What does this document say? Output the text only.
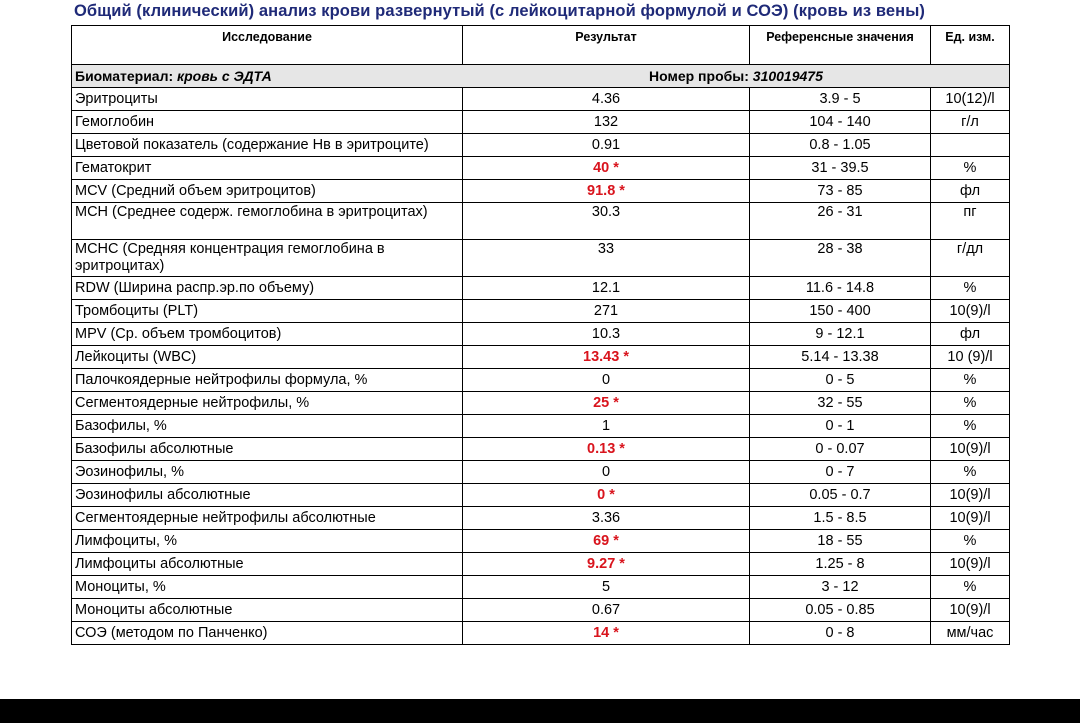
Общий (клинический) анализ крови развернутый (с лейкоцитарной формулой и СОЭ) (кровь из вены)
Исследование	Результат	Референсные значения	Ед. изм.
Биоматериал: кровь с ЭДТА Номер пробы: 310019475			

Эритроциты	4.36	3.9 - 5	10(12)/l
Гемоглобин	132	104 - 140	г/л
Цветовой показатель (содержание Нв в эритроците)	0.91	0.8 - 1.05	
Гематокрит	40 *	31 - 39.5	%
MCV (Средний объем эритроцитов)	91.8 *	73 - 85	фл
MCH (Среднее содерж. гемоглобина в эритроцитах)	30.3	26 - 31	пг
MCHC (Средняя концентрация гемоглобина в эритроцитах)	33	28 - 38	г/дл
RDW (Ширина распр.эр.по объему)	12.1	11.6 - 14.8	%
Тромбоциты (PLT)	271	150 - 400	10(9)/l
MPV (Ср. объем тромбоцитов)	10.3	9 - 12.1	фл
Лейкоциты (WBC)	13.43 *	5.14 - 13.38	10 (9)/l
Палочкоядерные нейтрофилы формула, %	0	0 - 5	%
Сегментоядерные нейтрофилы, %	25 *	32 - 55	%
Базофилы, %	1	0 - 1	%
Базофилы абсолютные	0.13 *	0 - 0.07	10(9)/l
Эозинофилы, %	0	0 - 7	%
Эозинофилы абсолютные	0 *	0.05 - 0.7	10(9)/l
Сегментоядерные нейтрофилы абсолютные	3.36	1.5 - 8.5	10(9)/l
Лимфоциты, %	69 *	18 - 55	%
Лимфоциты абсолютные	9.27 *	1.25 - 8	10(9)/l
Моноциты, %	5	3 - 12	%
Моноциты абсолютные	0.67	0.05 - 0.85	10(9)/l
СОЭ (методом по Панченко)	14 *	0 - 8	мм/час
